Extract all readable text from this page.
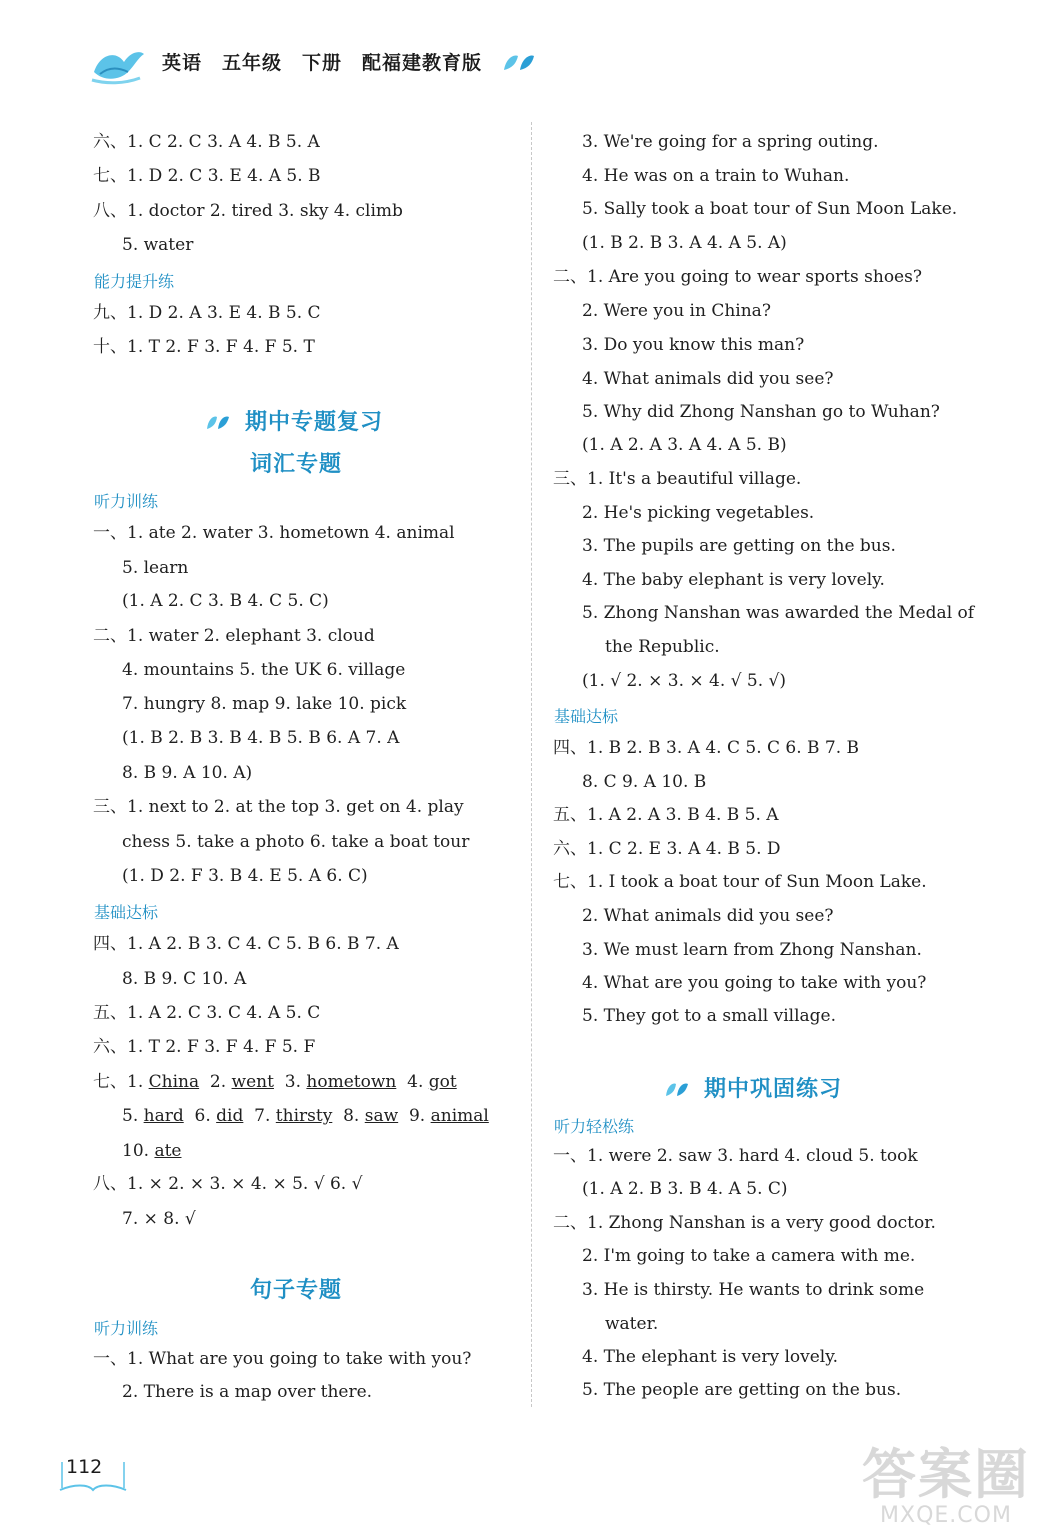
英语 五年级 下册 配福建教育版
六、1. C 2. C 3. A 4. B 5. A
七、1. D 2. C 3. E 4. A 5. B
八、1. doctor 2. tired 3. sky 4. climb
5. water
能力提升练
九、1. D 2. A 3. E 4. B 5. C
十、1. T 2. F 3. F 4. F 5. T
期中专题复习
词汇专题
听力训练
一、1. ate 2. water 3. hometown 4. animal
5. learn
(1. A 2. C 3. B 4. C 5. C)
二、1. water 2. elephant 3. cloud
4. mountains 5. the UK 6. village
7. hungry 8. map 9. lake 10. pick
(1. B 2. B 3. B 4. B 5. B 6. A 7. A
8. B 9. A 10. A)
三、1. next to 2. at the top 3. get on 4. play
chess 5. take a photo 6. take a boat tour
(1. D 2. F 3. B 4. E 5. A 6. C)
基础达标
四、1. A 2. B 3. C 4. C 5. B 6. B 7. A
8. B 9. C 10. A
五、1. A 2. C 3. C 4. A 5. C
六、1. T 2. F 3. F 4. F 5. F
七、1. China  2. went  3. hometown  4. got
5. hard  6. did  7. thirsty  8. saw  9. animal
10. ate
八、1. × 2. × 3. × 4. × 5. √ 6. √
7. × 8. √
句子专题
听力训练
一、1. What are you going to take with you?
2. There is a map over there.
3. We're going for a spring outing.
4. He was on a train to Wuhan.
5. Sally took a boat tour of Sun Moon Lake.
(1. B 2. B 3. A 4. A 5. A)
二、1. Are you going to wear sports shoes?
2. Were you in China?
3. Do you know this man?
4. What animals did you see?
5. Why did Zhong Nanshan go to Wuhan?
(1. A 2. A 3. A 4. A 5. B)
三、1. It's a beautiful village.
2. He's picking vegetables.
3. The pupils are getting on the bus.
4. The baby elephant is very lovely.
5. Zhong Nanshan was awarded the Medal of
the Republic.
(1. √ 2. × 3. × 4. √ 5. √)
基础达标
四、1. B 2. B 3. A 4. C 5. C 6. B 7. B
8. C 9. A 10. B
五、1. A 2. A 3. B 4. B 5. A
六、1. C 2. E 3. A 4. B 5. D
七、1. I took a boat tour of Sun Moon Lake.
2. What animals did you see?
3. We must learn from Zhong Nanshan.
4. What are you going to take with you?
5. They got to a small village.
期中巩固练习
听力轻松练
一、1. were 2. saw 3. hard 4. cloud 5. took
(1. A 2. B 3. B 4. A 5. C)
二、1. Zhong Nanshan is a very good doctor.
2. I'm going to take a camera with me.
3. He is thirsty. He wants to drink some
water.
4. The elephant is very lovely.
5. The people are getting on the bus.
112	答案圈
MXQE.COM
